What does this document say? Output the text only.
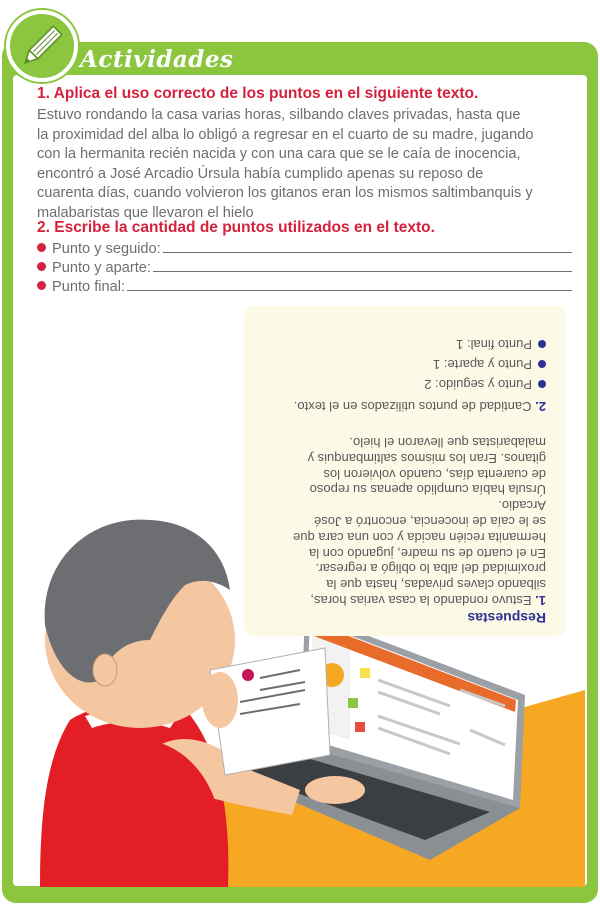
Actividades
1. Aplica el uso correcto de los puntos en el siguiente texto.
Estuvo rondando la casa varias horas, silbando claves privadas, hasta que
la proximidad del alba lo obligó a regresar en el cuarto de su madre, jugando
con la hermanita recién nacida y con una cara que se le caía de inocencia,
encontró a José Arcadio Úrsula había cumplido apenas su reposo de
cuarenta días, cuando volvieron los gitanos eran los mismos saltimbanquis y
malabaristas que llevaron el hielo
2. Escribe la cantidad de puntos utilizados en el texto.
Punto y seguido:
Punto y aparte:
Punto final:
Respuestas
1. Estuvo rondando la casa varias horas,
silbando claves privadas, hasta que la
proximidad del alba lo obligó a regresar.
En el cuarto de su madre, jugando con la
hermanita recién nacida y con una cara que
se le caía de inocencia, encontró a José
Arcadio.
Úrsula había cumplido apenas su reposo
de cuarenta días, cuando volvieron los
gitanos. Eran los mismos saltimbanquis y
malabaristas que llevaron el hielo.
2. Cantidad de puntos utilizados en el texto.
Punto y seguido: 2
Punto y aparte: 1
Punto final: 1
